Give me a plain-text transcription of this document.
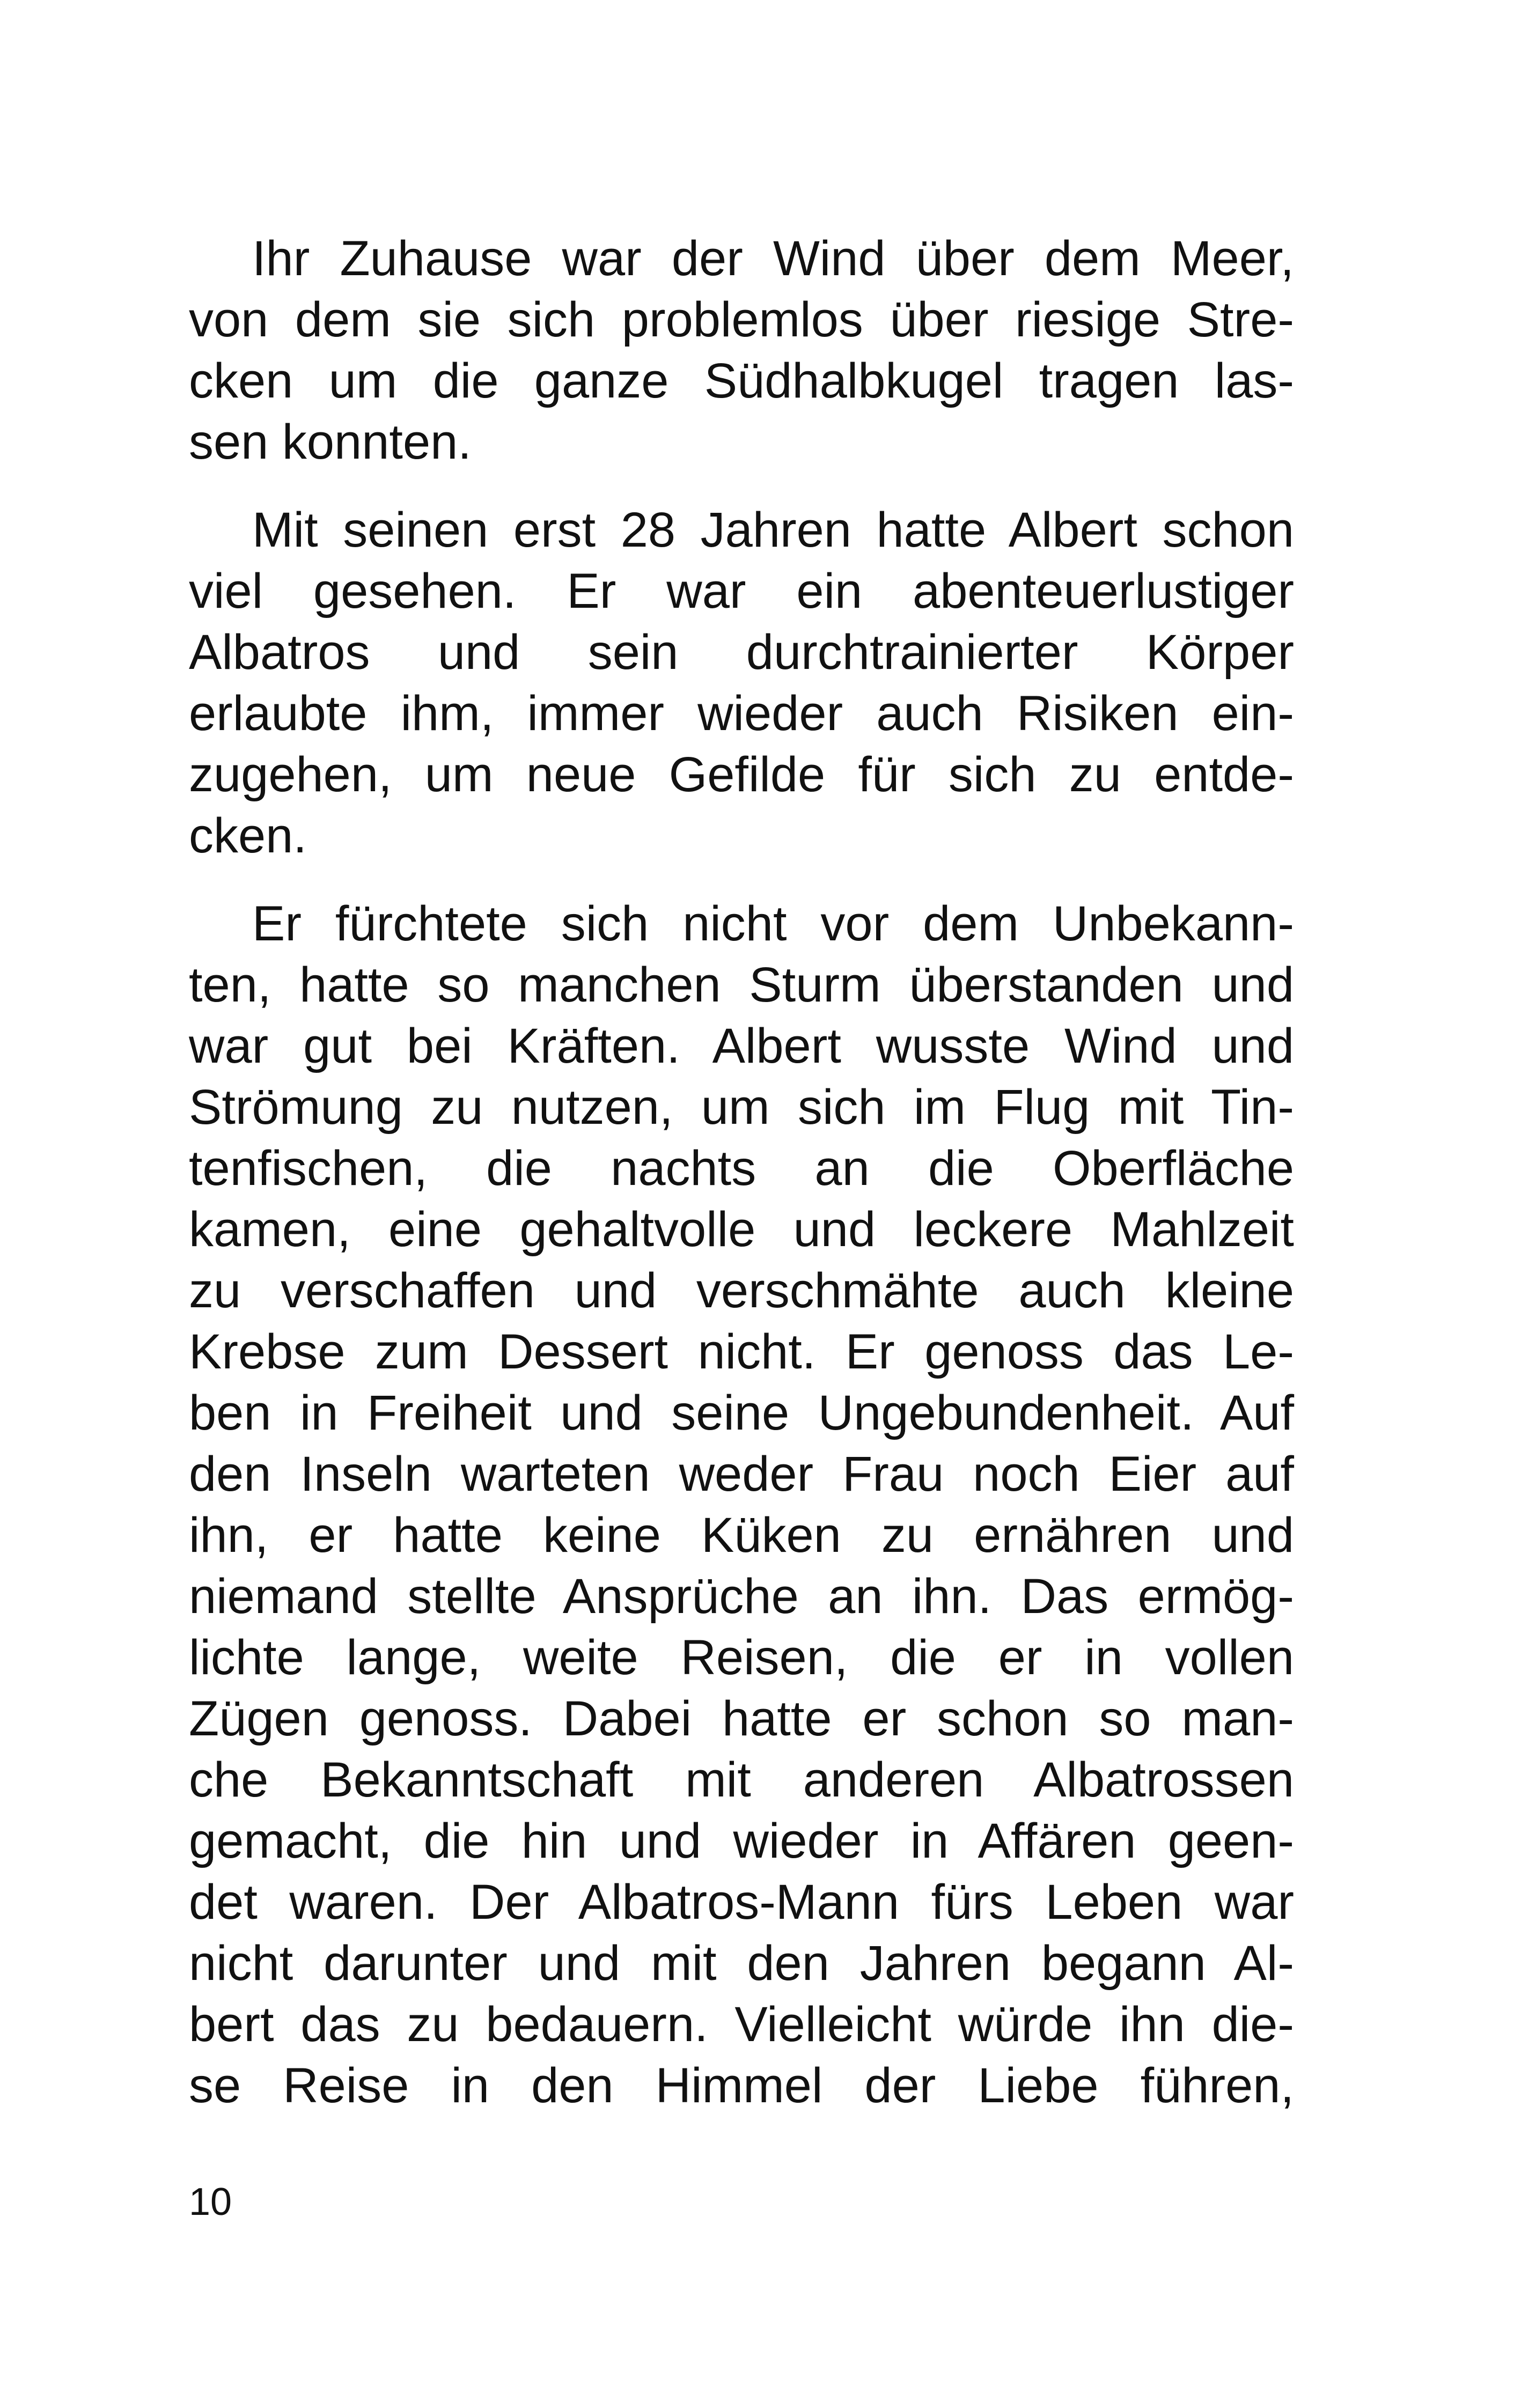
Ihr Zuhause war der Wind über dem Meer,
von dem sie sich problemlos über riesige Stre-
cken um die ganze Südhalbkugel tragen las-
sen konnten.
Mit seinen erst 28 Jahren hatte Albert schon
viel gesehen. Er war ein abenteuerlustiger
Albatros und sein durchtrainierter Körper
erlaubte ihm, immer wieder auch Risiken ein-
zugehen, um neue Gefilde für sich zu entde-
cken.
Er fürchtete sich nicht vor dem Unbekann-
ten, hatte so manchen Sturm überstanden und
war gut bei Kräften. Albert wusste Wind und
Strömung zu nutzen, um sich im Flug mit Tin-
tenfischen, die nachts an die Oberfläche
kamen, eine gehaltvolle und leckere Mahlzeit
zu verschaffen und verschmähte auch kleine
Krebse zum Dessert nicht. Er genoss das Le-
ben in Freiheit und seine Ungebundenheit. Auf
den Inseln warteten weder Frau noch Eier auf
ihn, er hatte keine Küken zu ernähren und
niemand stellte Ansprüche an ihn. Das ermög-
lichte lange, weite Reisen, die er in vollen
Zügen genoss. Dabei hatte er schon so man-
che Bekanntschaft mit anderen Albatrossen
gemacht, die hin und wieder in Affären geen-
det waren. Der Albatros-Mann fürs Leben war
nicht darunter und mit den Jahren begann Al-
bert das zu bedauern. Vielleicht würde ihn die-
se Reise in den Himmel der Liebe führen,
10
